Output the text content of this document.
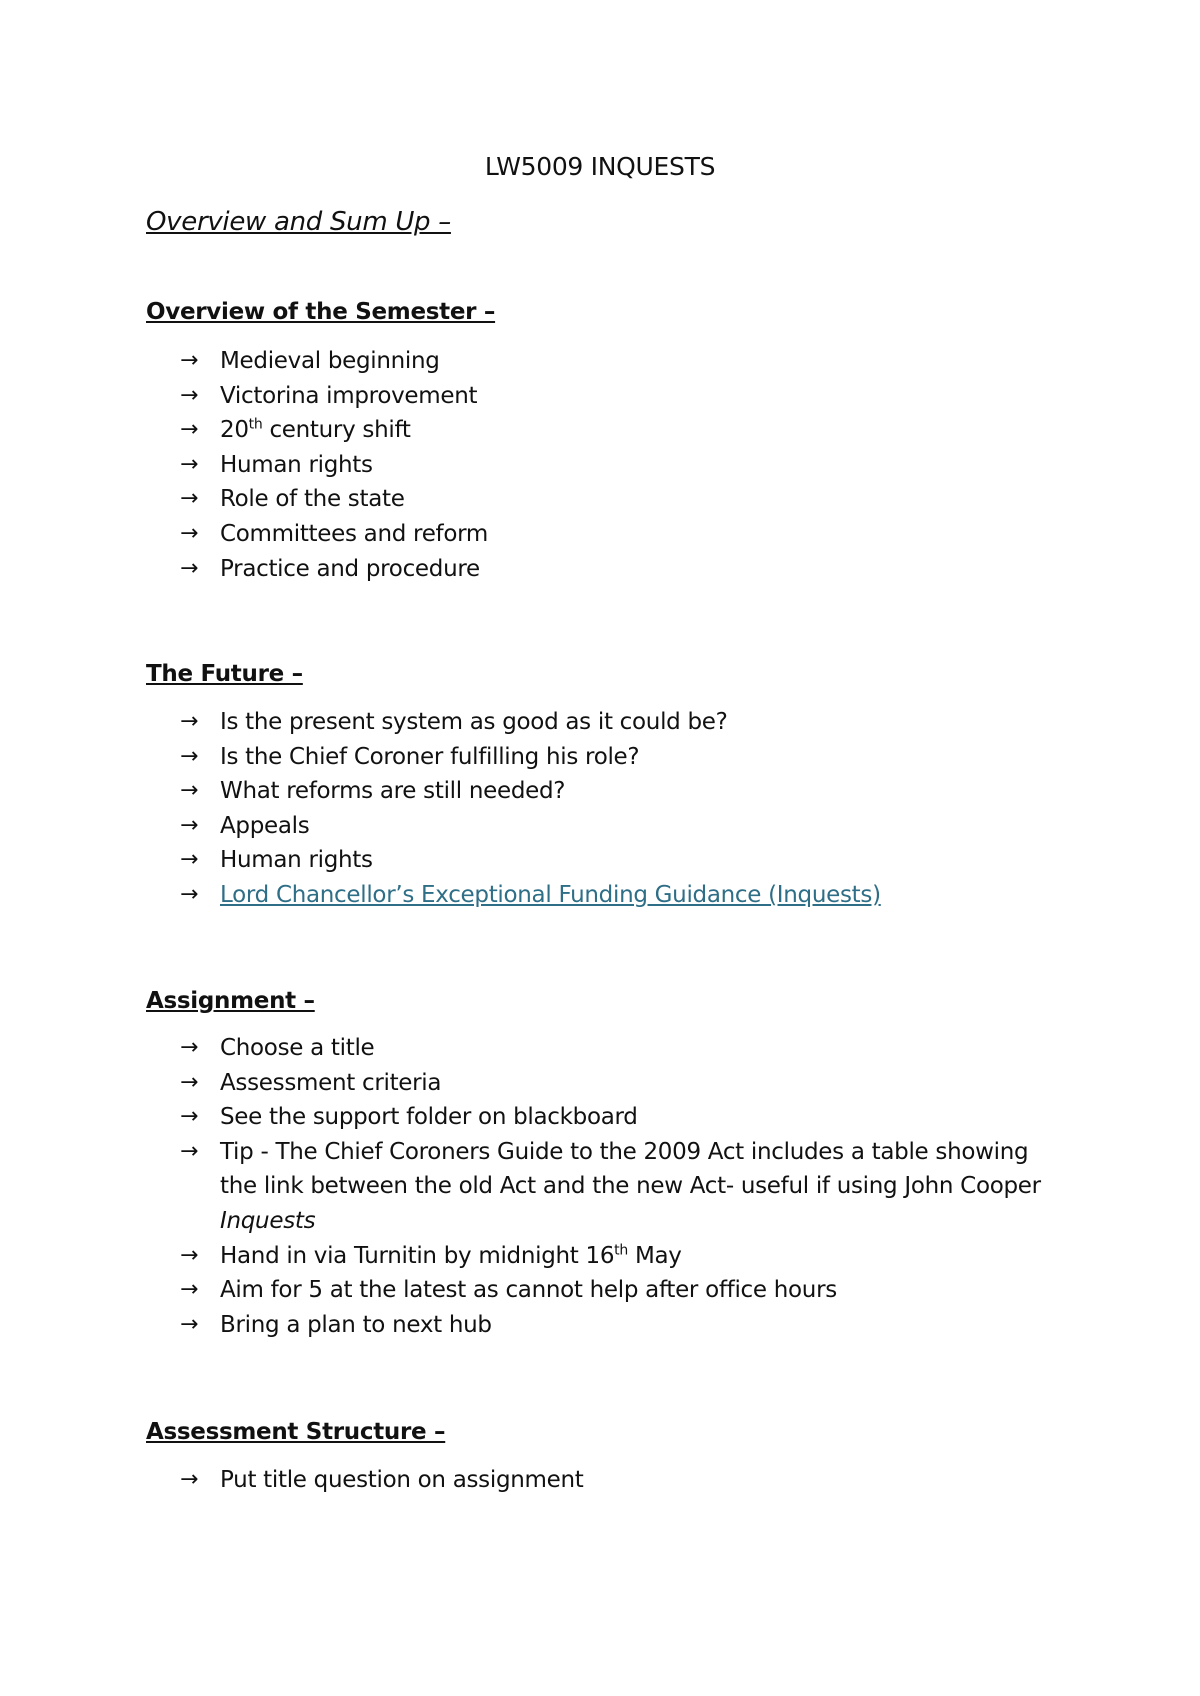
LW5009 INQUESTS
Overview and Sum Up –
Overview of the Semester –
→ Medieval beginning
→ Victorina improvement
→ 20th century shift
→ Human rights
→ Role of the state
→ Committees and reform
→ Practice and procedure
The Future –
→ Is the present system as good as it could be?
→ Is the Chief Coroner fulfilling his role?
→ What reforms are still needed?
→ Appeals
→ Human rights
→ Lord Chancellor’s Exceptional Funding Guidance (Inquests)
Assignment –
→ Choose a title
→ Assessment criteria
→ See the support folder on blackboard
→ Tip - The Chief Coroners Guide to the 2009 Act includes a table showing the link between the old Act and the new Act- useful if using John Cooper Inquests
→ Hand in via Turnitin by midnight 16th May
→ Aim for 5 at the latest as cannot help after office hours
→ Bring a plan to next hub
Assessment Structure –
→ Put title question on assignment
